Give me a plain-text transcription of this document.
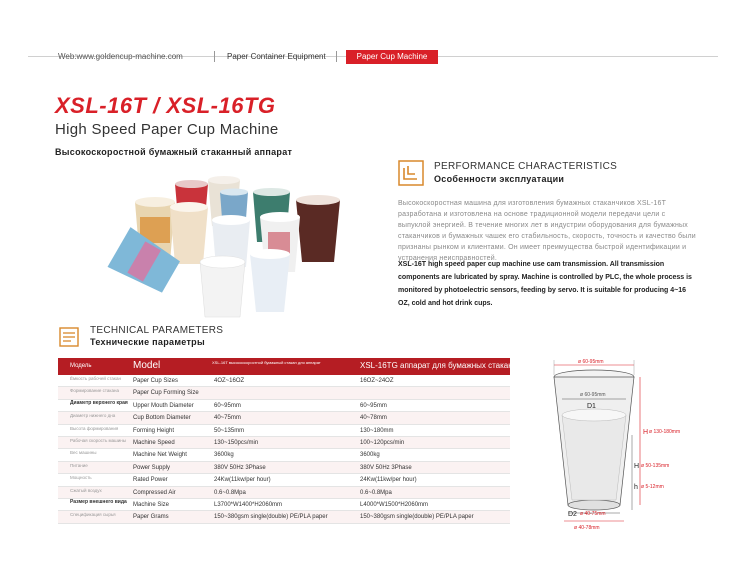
Web:www.goldencup-machine.com	Paper Container Equipment	Paper Cup Machine
XSL-16T / XSL-16TG
High Speed Paper Cup Machine
Высокоскоростной бумажный стаканный аппарат
PERFORMANCE CHARACTERISTICS
Особенности эксплуатации
Высокоскоростная машина для изготовления бумажных стаканчиков XSL-16T разработана и изготовлена на основе традиционной модели передачи цели с выпуклой энергией. В течение многих лет в индустрии оборудования для бумажных стаканчиков и бумажных чашек его стабильность, скорость, точность и качество были признаны рынком и клиентами. Он имеет преимущества быстрой идентификации и устранения неисправностей.
XSL-16T high speed paper cup machine use cam transmission. All transmission components are lubricated by spray. Machine is controlled by PLC, the whole process is monitored by photoelectric sensors, feeding by servo. It is suitable for producing 4~16 OZ, cold and hot drink cups.
TECHNICAL PARAMETERS
Технические параметры
Модель	Model	XSL-16T высокоскоростной бумажный стакан для аппарат	XSL-16TG аппарат для бумажных стаканов
Ёмкость рабочей стакан	Paper Cup Sizes	4OZ~16OZ	16OZ~24OZ
Формирование стакана	Paper Cup Forming Size
Диаметр верхнего края Upper Mouth Diameter	60~95mm	60~95mm
Диаметр нижнего дна	Cup Bottom Diameter	40~75mm	40~78mm
Высота формирования	Forming Height	50~135mm	130~180mm
Рабочая скорость машины	Machine Speed	130~150pcs/min	100~120pcs/min
Вес машины	Machine Net Weight	3600kg	3600kg
Питание	Power Supply	380V 50Hz 3Phase	380V 50Hz 3Phase
Мощность	Rated Power	24Kw(11kw/per hour)	24Kw(11kw/per hour)
Сжатый воздух	Compressed Air	0.6~0.8Mpa	0.6~0.8Mpa
Размер внешнего вида	Machine Size	L3700*W1400*H2060mm	L4000*W1500*H2060mm
Спецификация сырья	Paper Grams	150~380gsm single(double) PE/PLA paper	150~380gsm single(double) PE/PLA paper
ø 60-95mm
ø 60-95mm
D1
H ø 130-180mm
H ø 50-135mm
h ø 5-12mm
D2 ø 40-75mm
ø 40-78mm
